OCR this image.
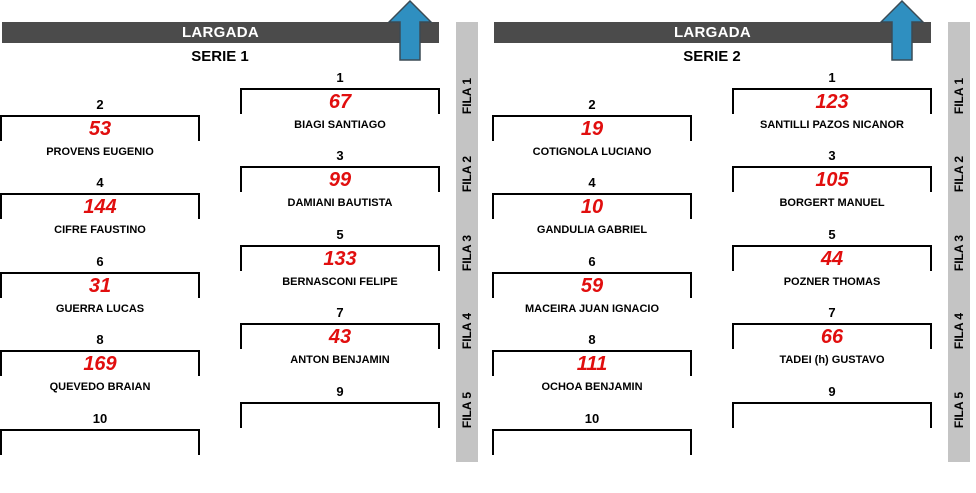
LARGADA
SERIE 1
FILA 1
FILA 2
FILA 3
FILA 4
FILA 5
1
67
BIAGI SANTIAGO
2
53
PROVENS EUGENIO	3
99
DAMIANI BAUTISTA
4
144
CIFRE FAUSTINO	5
133
BERNASCONI FELIPE
6
31
GUERRA LUCAS	7
43
ANTON BENJAMIN
8
169
QUEVEDO BRAIAN	9
10
LARGADA
SERIE 2
FILA 1
FILA 2
FILA 3
FILA 4
FILA 5
1
123
SANTILLI PAZOS NICANOR
2
19
COTIGNOLA LUCIANO	3
105
BORGERT MANUEL
4
10
GANDULIA GABRIEL	5
44
POZNER THOMAS
6
59
MACEIRA JUAN IGNACIO	7
66
TADEI (h) GUSTAVO
8
111
OCHOA BENJAMIN	9
10
